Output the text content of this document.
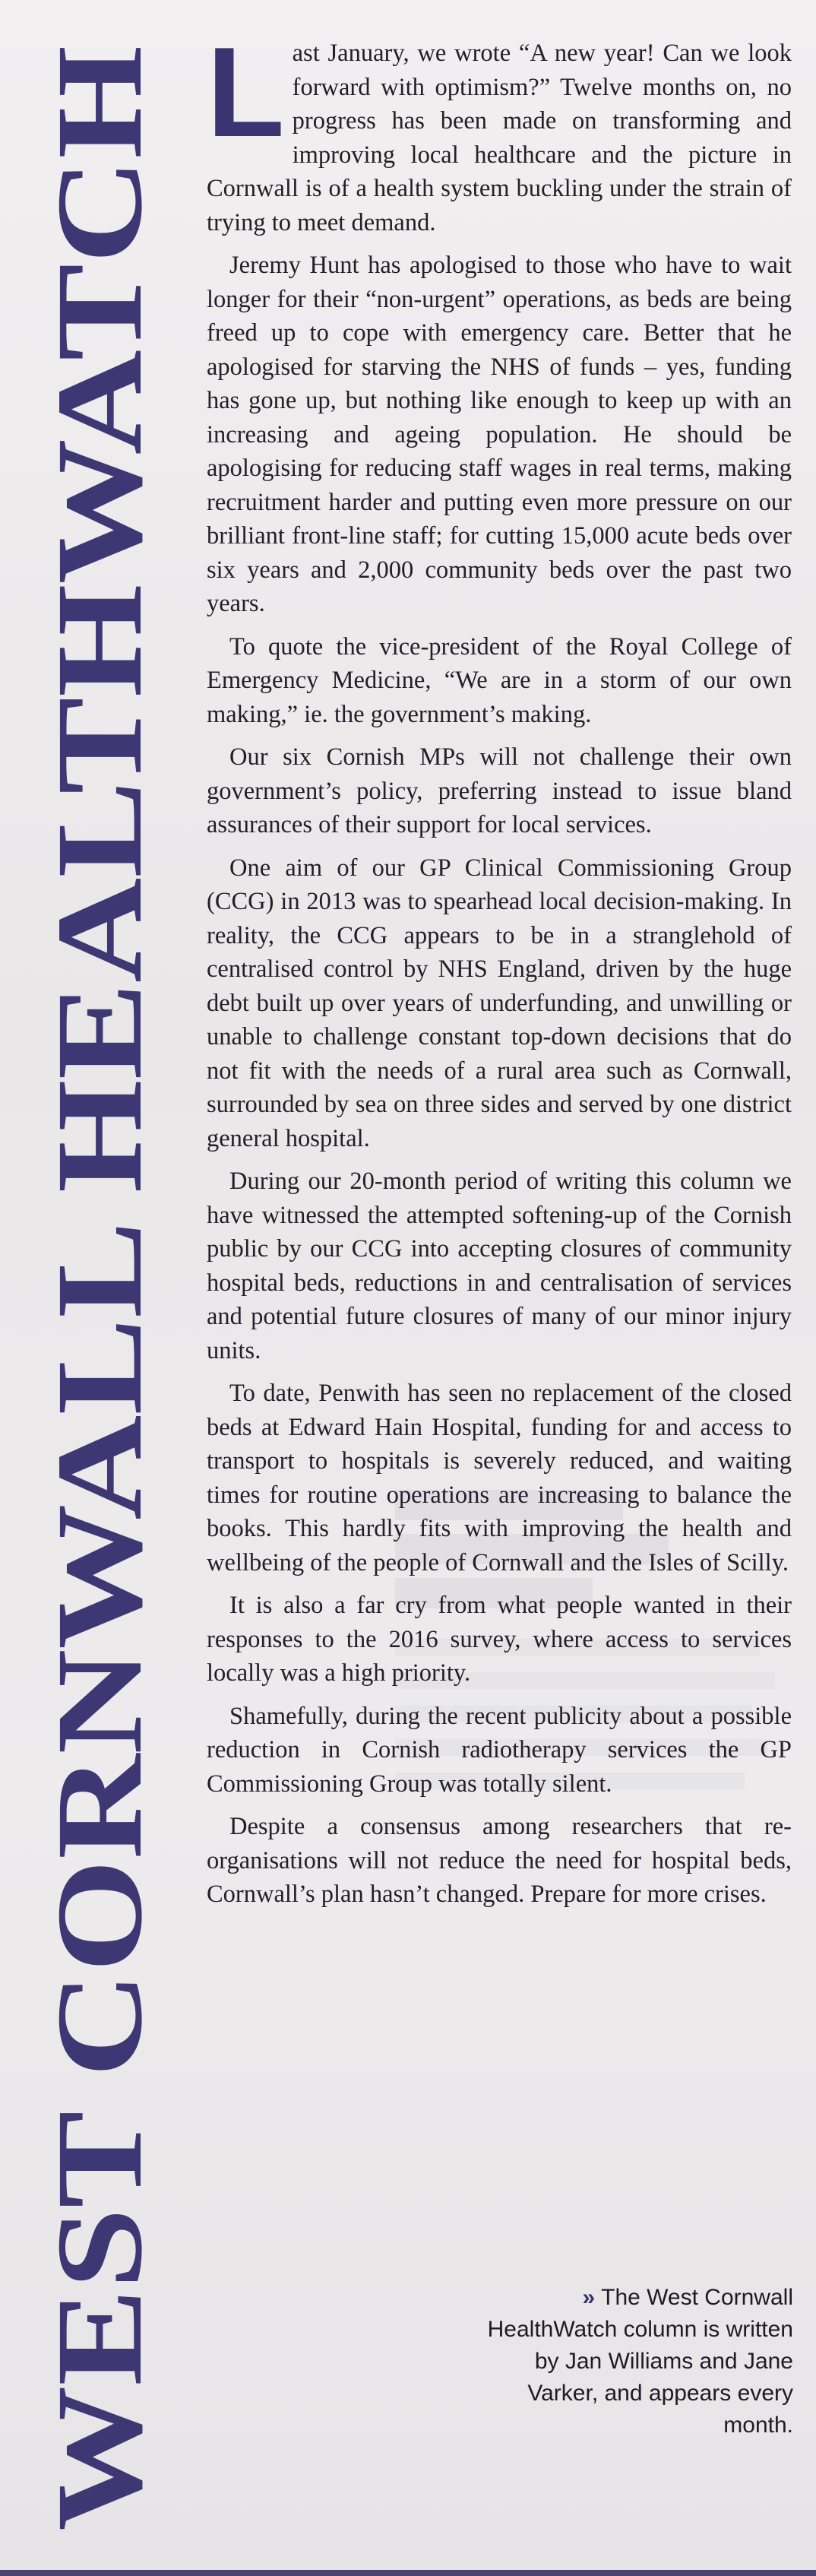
WEST CORNWALL HEALTHWATCH

Last January, we wrote “A new year! Can we look forward with optimism?” Twelve months on, no progress has been made on transforming and improving local healthcare and the picture in Cornwall is of a health system buckling under the strain of trying to meet demand.

Jeremy Hunt has apologised to those who have to wait longer for their “non-urgent” operations, as beds are being freed up to cope with emergency care. Better that he apologised for starving the NHS of funds – yes, funding has gone up, but nothing like enough to keep up with an increasing and ageing population. He should be apologising for reducing staff wages in real terms, making recruitment harder and putting even more pressure on our brilliant front-line staff; for cutting 15,000 acute beds over six years and 2,000 community beds over the past two years.

To quote the vice-president of the Royal College of Emergency Medicine, “We are in a storm of our own making,” ie. the government’s making.

Our six Cornish MPs will not challenge their own government’s policy, preferring instead to issue bland assurances of their support for local services.

One aim of our GP Clinical Commissioning Group (CCG) in 2013 was to spearhead local decision-making. In reality, the CCG appears to be in a stranglehold of centralised control by NHS England, driven by the huge debt built up over years of underfunding, and unwilling or unable to challenge constant top-down decisions that do not fit with the needs of a rural area such as Cornwall, surrounded by sea on three sides and served by one district general hospital.

During our 20-month period of writing this column we have witnessed the attempted softening-up of the Cornish public by our CCG into accepting closures of community hospital beds, reductions in and centralisation of services and potential future closures of many of our minor injury units.

To date, Penwith has seen no replacement of the closed beds at Edward Hain Hospital, funding for and access to transport to hospitals is severely reduced, and waiting times for routine operations are increasing to balance the books. This hardly fits with improving the health and wellbeing of the people of Cornwall and the Isles of Scilly.

It is also a far cry from what people wanted in their responses to the 2016 survey, where access to services locally was a high priority.

Shamefully, during the recent publicity about a possible reduction in Cornish radiotherapy services the GP Commissioning Group was totally silent.

Despite a consensus among researchers that re-organisations will not reduce the need for hospital beds, Cornwall’s plan hasn’t changed. Prepare for more crises.

» The West Cornwall HealthWatch column is written by Jan Williams and Jane Varker, and appears every month.
